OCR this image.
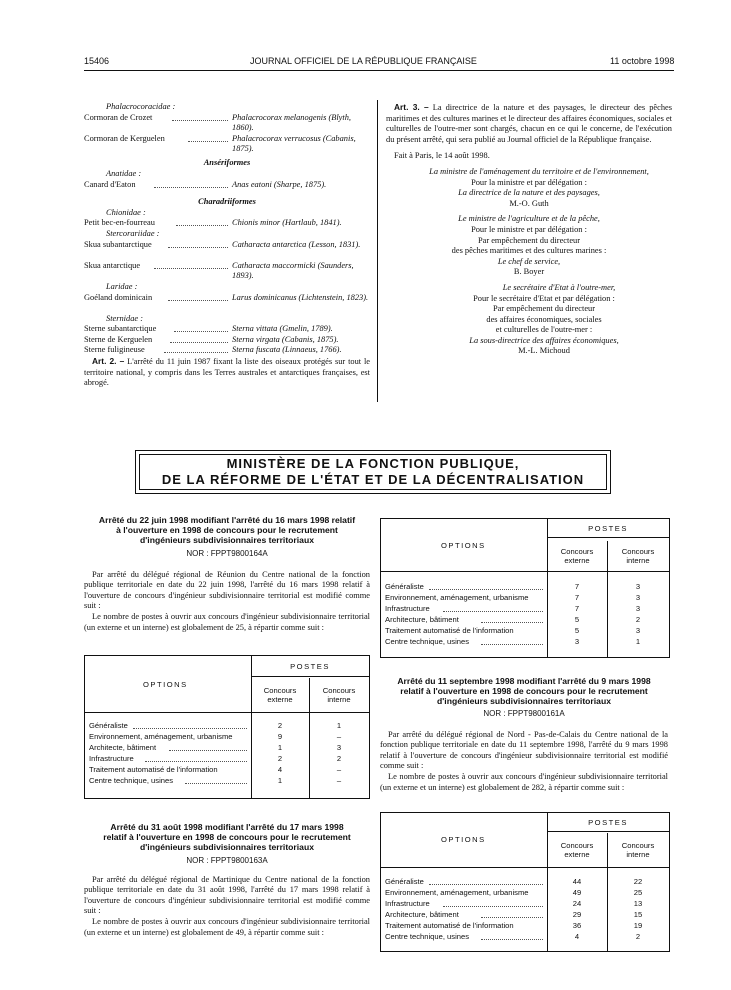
15406	JOURNAL OFFICIEL DE LA RÉPUBLIQUE FRANÇAISE	11 octobre 1998
Phalacrocoracidae :
Cormoran de Crozet	Phalacrocorax melanogenis (Blyth, 1860).
Cormoran de Kerguelen	Phalacrocorax verrucosus (Cabanis, 1875).
Ansériformes
Anatidae :
Canard d'Eaton	Anas eatoni (Sharpe, 1875).
Charadriiformes
Chionidae :
Petit bec-en-fourreau	Chionis minor (Hartlaub, 1841).
Stercorariidae :
Skua subantarctique	Catharacta antarctica (Lesson, 1831).
Skua antarctique	Catharacta maccormicki (Saunders, 1893).
Laridae :
Goéland dominicain	Larus dominicanus (Lichtenstein, 1823).
Sternidae :
Sterne subantarctique	Sterna vittata (Gmelin, 1789).
Sterne de Kerguelen	Sterna virgata (Cabanis, 1875).
Sterne fuligineuse	Sterna fuscata (Linnaeus, 1766).

Art. 2. – L'arrêté du 11 juin 1987 fixant la liste des oiseaux protégés sur tout le territoire national, y compris dans les Terres australes et antarctiques françaises, est abrogé.

Art. 3. – La directrice de la nature et des paysages, le directeur des pêches maritimes et des cultures marines et le directeur des affaires économiques, sociales et culturelles de l'outre-mer sont chargés, chacun en ce qui le concerne, de l'exécution du présent arrêté, qui sera publié au Journal officiel de la République française.

Fait à Paris, le 14 août 1998.
La ministre de l'aménagement du territoire et de l'environnement,
Pour la ministre et par délégation :
La directrice de la nature et des paysages,
M.-O. Guth
Le ministre de l'agriculture et de la pêche,
Pour le ministre et par délégation :
Par empêchement du directeur
des pêches maritimes et des cultures marines :
Le chef de service,
B. Boyer
Le secrétaire d'Etat à l'outre-mer,
Pour le secrétaire d'Etat et par délégation :
Par empêchement du directeur
des affaires économiques, sociales
et culturelles de l'outre-mer :
La sous-directrice des affaires économiques,
M.-L. Michoud
MINISTÈRE DE LA FONCTION PUBLIQUE,
DE LA RÉFORME DE L'ÉTAT ET DE LA DÉCENTRALISATION
Arrêté du 22 juin 1998 modifiant l'arrêté du 16 mars 1998 relatif à l'ouverture en 1998 de concours pour le recrutement d'ingénieurs subdivisionnaires territoriaux
NOR : FPPT9800164A

Par arrêté du délégué régional de Réunion du Centre national de la fonction publique territoriale en date du 22 juin 1998, l'arrêté du 16 mars 1998 relatif à l'ouverture de concours d'ingénieur subdivisionnaire territorial est modifié comme suit :

Le nombre de postes à ouvrir aux concours d'ingénieur subdivisionnaire territorial (un externe et un interne) est globalement de 25, à répartir comme suit :

OPTIONS
POSTES
Concours
externe
Concours
interne
Généraliste	2	1
Environnement, aménagement, urbanisme	9	–
Architecte, bâtiment	1	3
Infrastructure	2	2
Traitement automatisé de l'information	4	–
Centre technique, usines	1	–
Arrêté du 31 août 1998 modifiant l'arrêté du 17 mars 1998 relatif à l'ouverture en 1998 de concours pour le recrutement d'ingénieurs subdivisionnaires territoriaux
NOR : FPPT9800163A

Par arrêté du délégué régional de Martinique du Centre national de la fonction publique territoriale en date du 31 août 1998, l'arrêté du 17 mars 1998 relatif à l'ouverture de concours d'ingénieur subdivisionnaire territorial est modifié comme suit :

Le nombre de postes à ouvrir aux concours d'ingénieur subdivisionnaire territorial (un externe et un interne) est globalement de 49, à répartir comme suit :

OPTIONS
POSTES
Concours
externe
Concours
interne
Généraliste	7	3
Environnement, aménagement, urbanisme	7	3
Infrastructure	7	3
Architecture, bâtiment	5	2
Traitement automatisé de l'information	5	3
Centre technique, usines	3	1
Arrêté du 11 septembre 1998 modifiant l'arrêté du 9 mars 1998 relatif à l'ouverture en 1998 de concours pour le recrutement d'ingénieurs subdivisionnaires territoriaux
NOR : FPPT9800161A

Par arrêté du délégué régional de Nord - Pas-de-Calais du Centre national de la fonction publique territoriale en date du 11 septembre 1998, l'arrêté du 9 mars 1998 relatif à l'ouverture de concours d'ingénieur subdivisionnaire territorial est modifié comme suit :

Le nombre de postes à ouvrir aux concours d'ingénieur subdivisionnaire territorial (un externe et un interne) est globalement de 282, à répartir comme suit :

OPTIONS
POSTES
Concours
externe
Concours
interne
Généraliste	44	22
Environnement, aménagement, urbanisme	49	25
Infrastructure	24	13
Architecture, bâtiment	29	15
Traitement automatisé de l'information	36	19
Centre technique, usines	4	2
